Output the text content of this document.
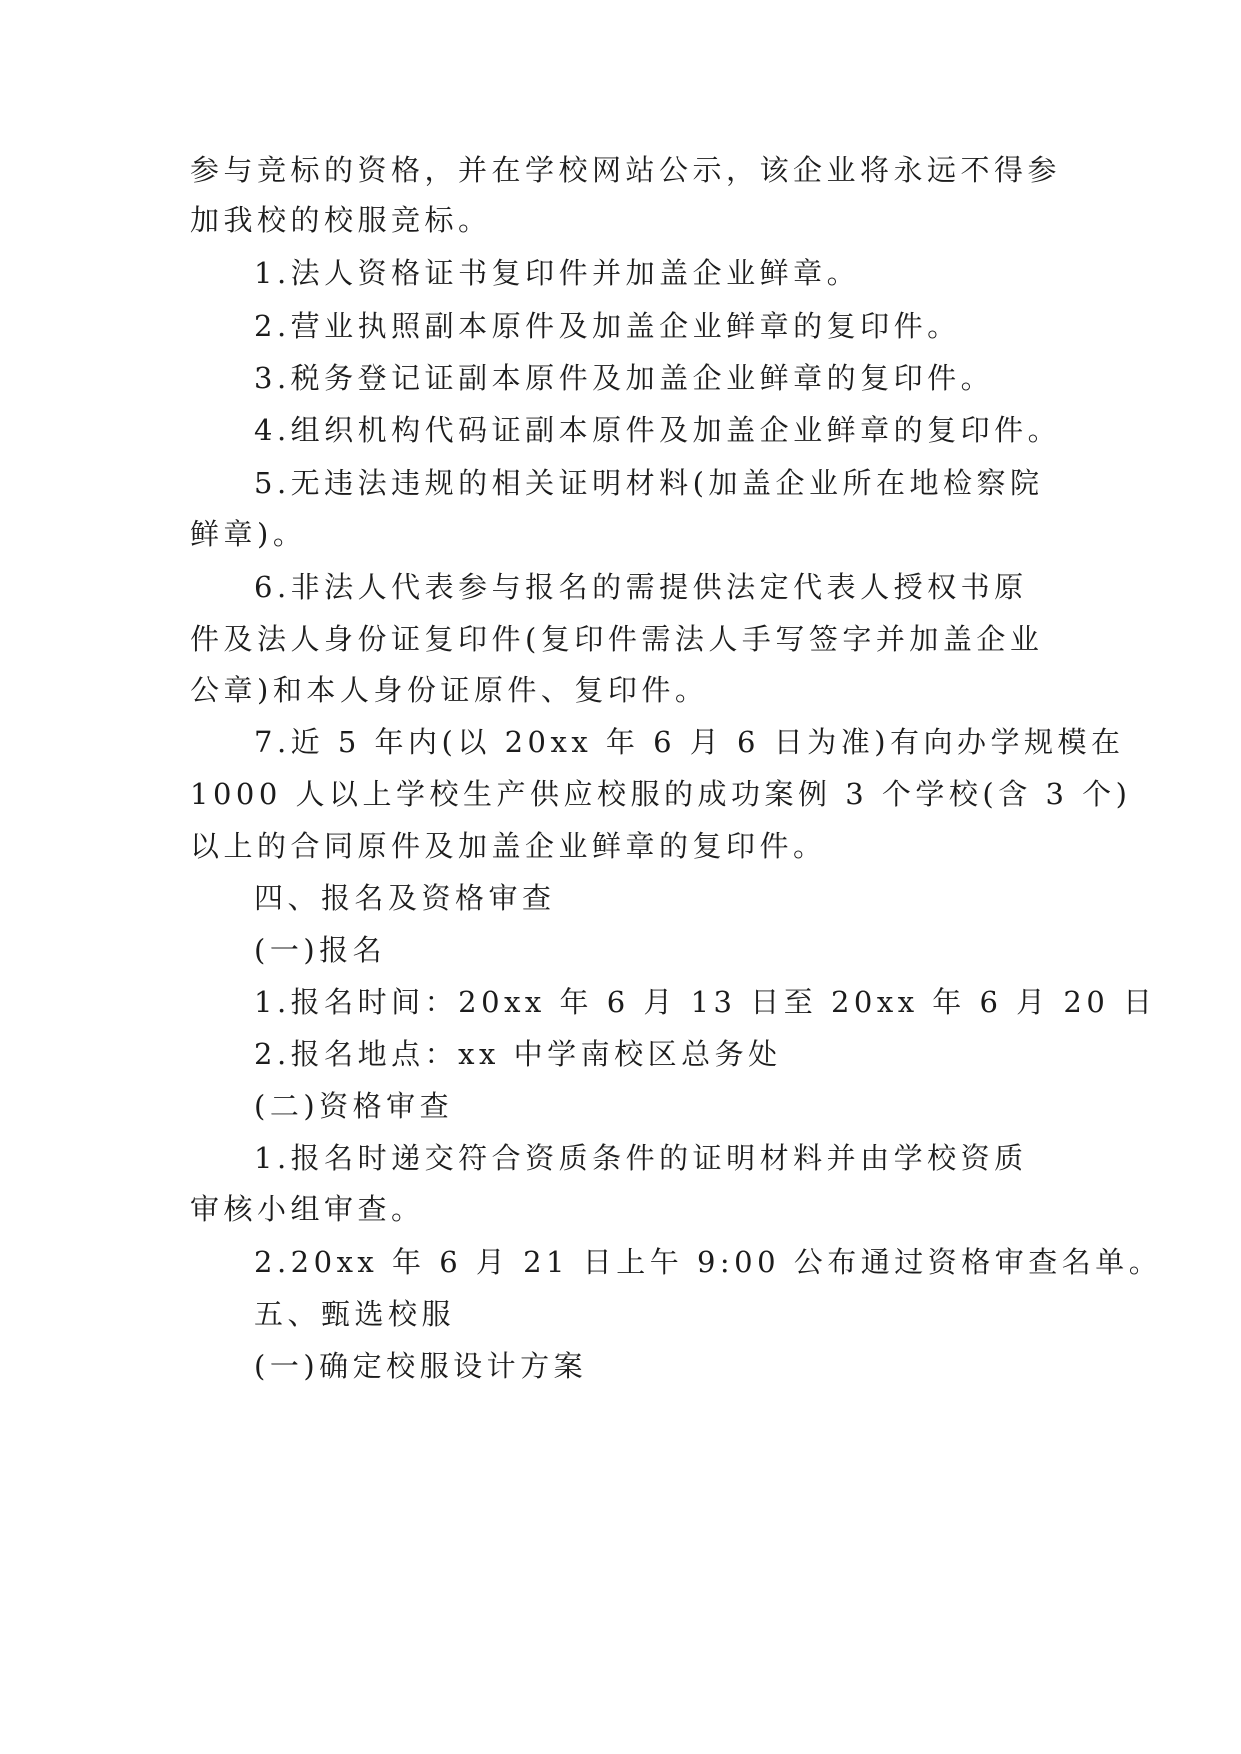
参与竞标的资格，并在学校网站公示，该企业将永远不得参
加我校的校服竞标。
1.法人资格证书复印件并加盖企业鲜章。
2.营业执照副本原件及加盖企业鲜章的复印件。
3.税务登记证副本原件及加盖企业鲜章的复印件。
4.组织机构代码证副本原件及加盖企业鲜章的复印件。
5.无违法违规的相关证明材料(加盖企业所在地检察院
鲜章)。
6.非法人代表参与报名的需提供法定代表人授权书原
件及法人身份证复印件(复印件需法人手写签字并加盖企业
公章)和本人身份证原件、复印件。
7.近 5 年内(以 20xx 年 6 月 6 日为准)有向办学规模在
1000 人以上学校生产供应校服的成功案例 3 个学校(含 3 个)
以上的合同原件及加盖企业鲜章的复印件。
四、报名及资格审查
(一)报名
1.报名时间：20xx 年 6 月 13 日至 20xx 年 6 月 20 日
2.报名地点：xx 中学南校区总务处
(二)资格审查
1.报名时递交符合资质条件的证明材料并由学校资质
审核小组审查。
2.20xx 年 6 月 21 日上午 9:00 公布通过资格审查名单。
五、甄选校服
(一)确定校服设计方案
